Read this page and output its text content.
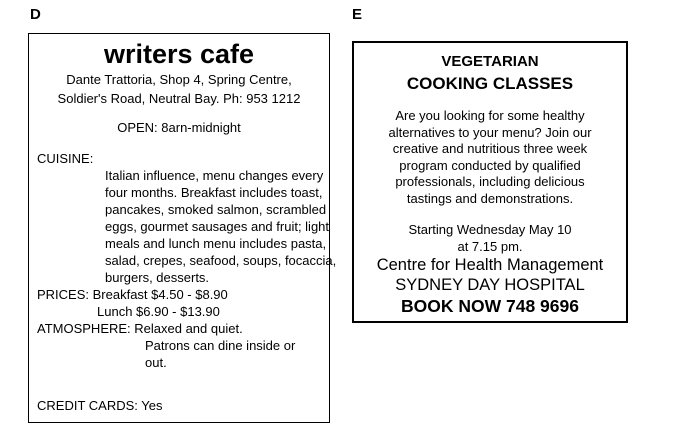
D	E
writers cafe
Dante Trattoria, Shop 4, Spring Centre,
Soldier's Road, Neutral Bay. Ph: 953 1212
OPEN: 8arn-midnight
CUISINE:
Italian influence, menu changes every
four months. Breakfast includes toast,
pancakes, smoked salmon, scrambled
eggs, gourmet sausages and fruit; light
meals and lunch menu includes pasta,
salad, crepes, seafood, soups, focaccia,
burgers, desserts.
PRICES: Breakfast $4.50 - $8.90
Lunch $6.90 - $13.90
ATMOSPHERE: Relaxed and quiet.
Patrons can dine inside or
out.
CREDIT CARDS: Yes
VEGETARIAN
COOKING CLASSES
Are you looking for some healthy
alternatives to your menu? Join our
creative and nutritious three week
program conducted by qualified
professionals, including delicious
tastings and demonstrations.
Starting Wednesday May 10
at 7.15 pm.
Centre for Health Management
SYDNEY DAY HOSPITAL
BOOK NOW 748 9696
